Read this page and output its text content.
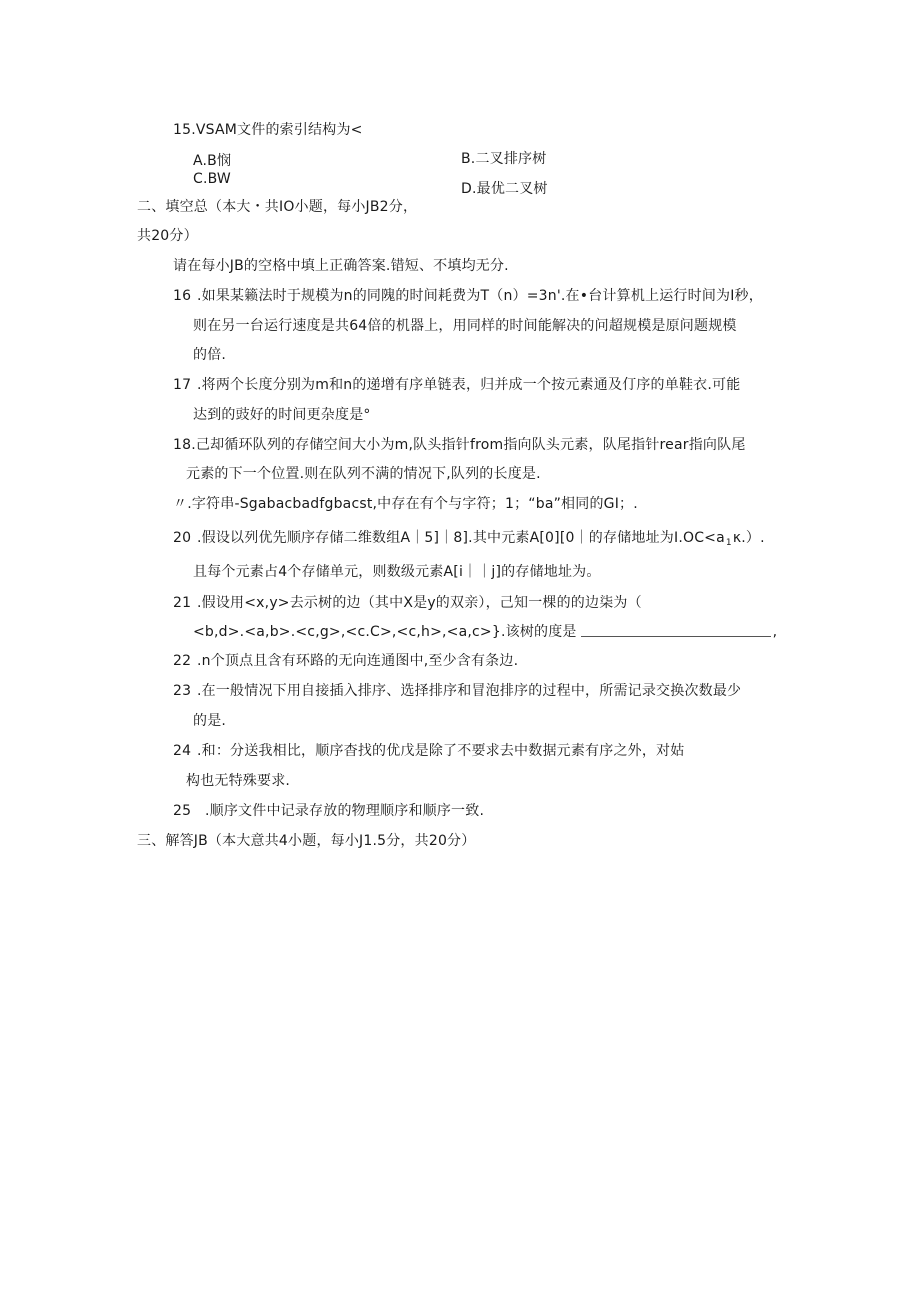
15.VSAM文件的索引结构为<
A.B悯	B.二叉排序树
C.BW
D.最优二叉树
二、填空总（本大・共IO小题，每小JB2分，
共20分）
请在每小JB的空格中填上正确答案.错短、不填均无分.
16 .如果某籁法时于规模为n的同隗的时间耗费为T（n）=3n'.在•台计算机上运行时间为I秒，
则在另一台运行速度是共64倍的机器上，用同样的时间能解决的问超规模是原问题规模
的倍.
17 .将两个长度分别为m和n的递增有序单链表，归并成一个按元素通及仃序的单鞋衣.可能
达到的豉好的时间更杂度是°
18.己却循环队列的存储空间大小为m,队头指针from指向队头元素，队尾指针rear指向队尾
元素的下一个位置.则在队列不满的情况下,队列的长度是.
〃.字符串-Sgabacbadfgbacst,中存在有个与字符；1；“ba”相同的GI；.
20 .假设以列优先顺序存储二维数组A｜5]｜8].其中元素A[0][0｜的存储地址为$I.OC<a_1\kappa$.）.
且每个元素占4个存储单元，则数级元素A[i｜｜j]的存储地址为。
21 .假设用<x,y>去示树的边（其中X是y的双亲），己知一棵的的边柒为（
<b,d>.<a,b>.<c,g>,<c.C>,<c,h>,<a,c>}.该树的度是	,
22 .n个顶点且含有环路的无向连通图中,至少含有条边.
23 .在一般情况下用自接插入排序、选择排序和冒泡排序的过程中，所需记录交换次数最少
的是.
24 .和：分送我相比，顺序杳找的优戊是除了不要求去中数据元素有序之外，对姑
构也无特殊要求.
25 .顺序文件中记录存放的物理顺序和顺序一致.
三、解答JB（本大意共4小题，每小J1.5分，共20分）
